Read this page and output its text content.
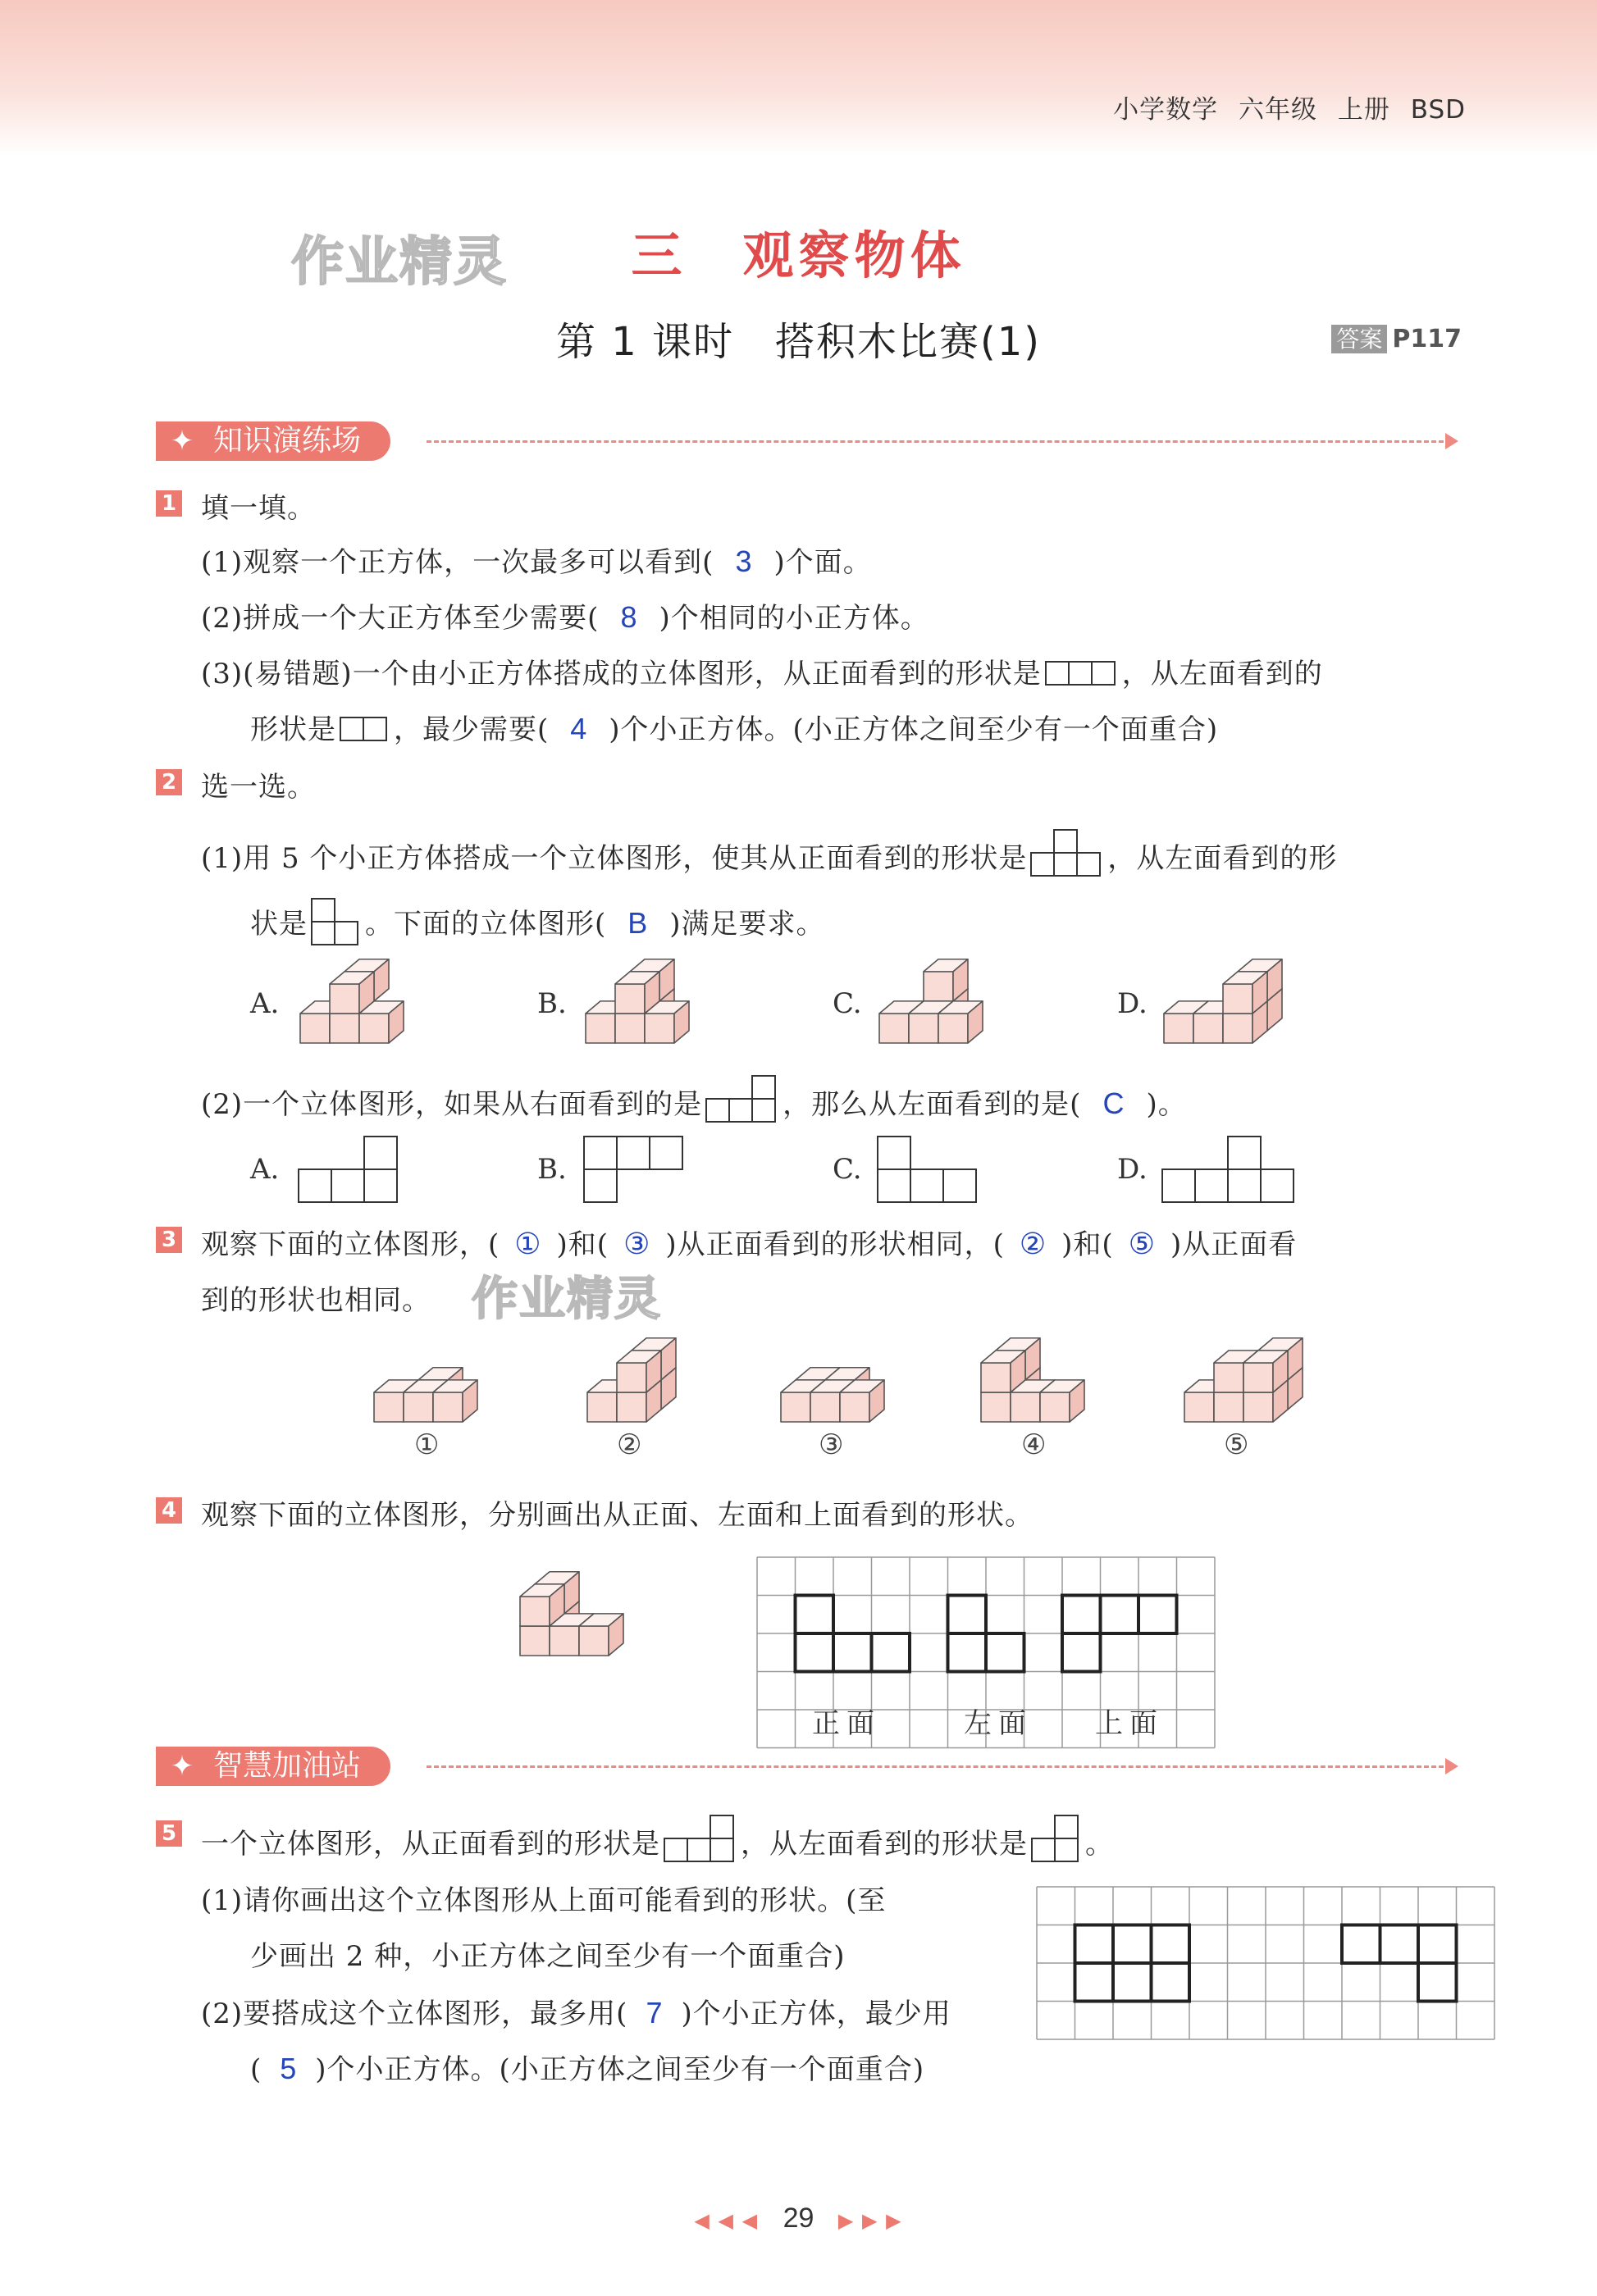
小学数学 六年级 上册 BSD
作业精灵	三　观察物体
第 1 课时　搭积木比赛(1)	答案 P117
✦ 知识演练场
1 填一填。
(1)观察一个正方体，一次最多可以看到( 3 )个面。
(2)拼成一个大正方体至少需要( 8 )个相同的小正方体。
(3)(易错题)一个由小正方体搭成的立体图形，从正面看到的形状是	，从左面看到的
形状是 ，最少需要( 4 )个小正方体。(小正方体之间至少有一个面重合)
2 选一选。
(1)用 5 个小正方体搭成一个立体图形，使其从正面看到的形状是	，从左面看到的形
状是 。下面的立体图形( B )满足要求。
A.	B.	C.	D.
(2)一个立体图形，如果从右面看到的是	，那么从左面看到的是( C )。
A.	B.	C.	D.
3 观察下面的立体图形，( ① )和( ③ )从正面看到的形状相同，( ② )和( ⑤ )从正面看
到的形状也相同。 作业精灵
①	②	③	④	⑤
4 观察下面的立体图形，分别画出从正面、左面和上面看到的形状。
正面	左面 上面
✦ 智慧加油站
5 一个立体图形，从正面看到的形状是	，从左面看到的形状是 。
(1)请你画出这个立体图形从上面可能看到的形状。(至
少画出 2 种，小正方体之间至少有一个面重合)
(2)要搭成这个立体图形，最多用( 7 )个小正方体，最少用
( 5 )个小正方体。(小正方体之间至少有一个面重合)
◀ ◀ ◀ 29 ▶ ▶ ▶
